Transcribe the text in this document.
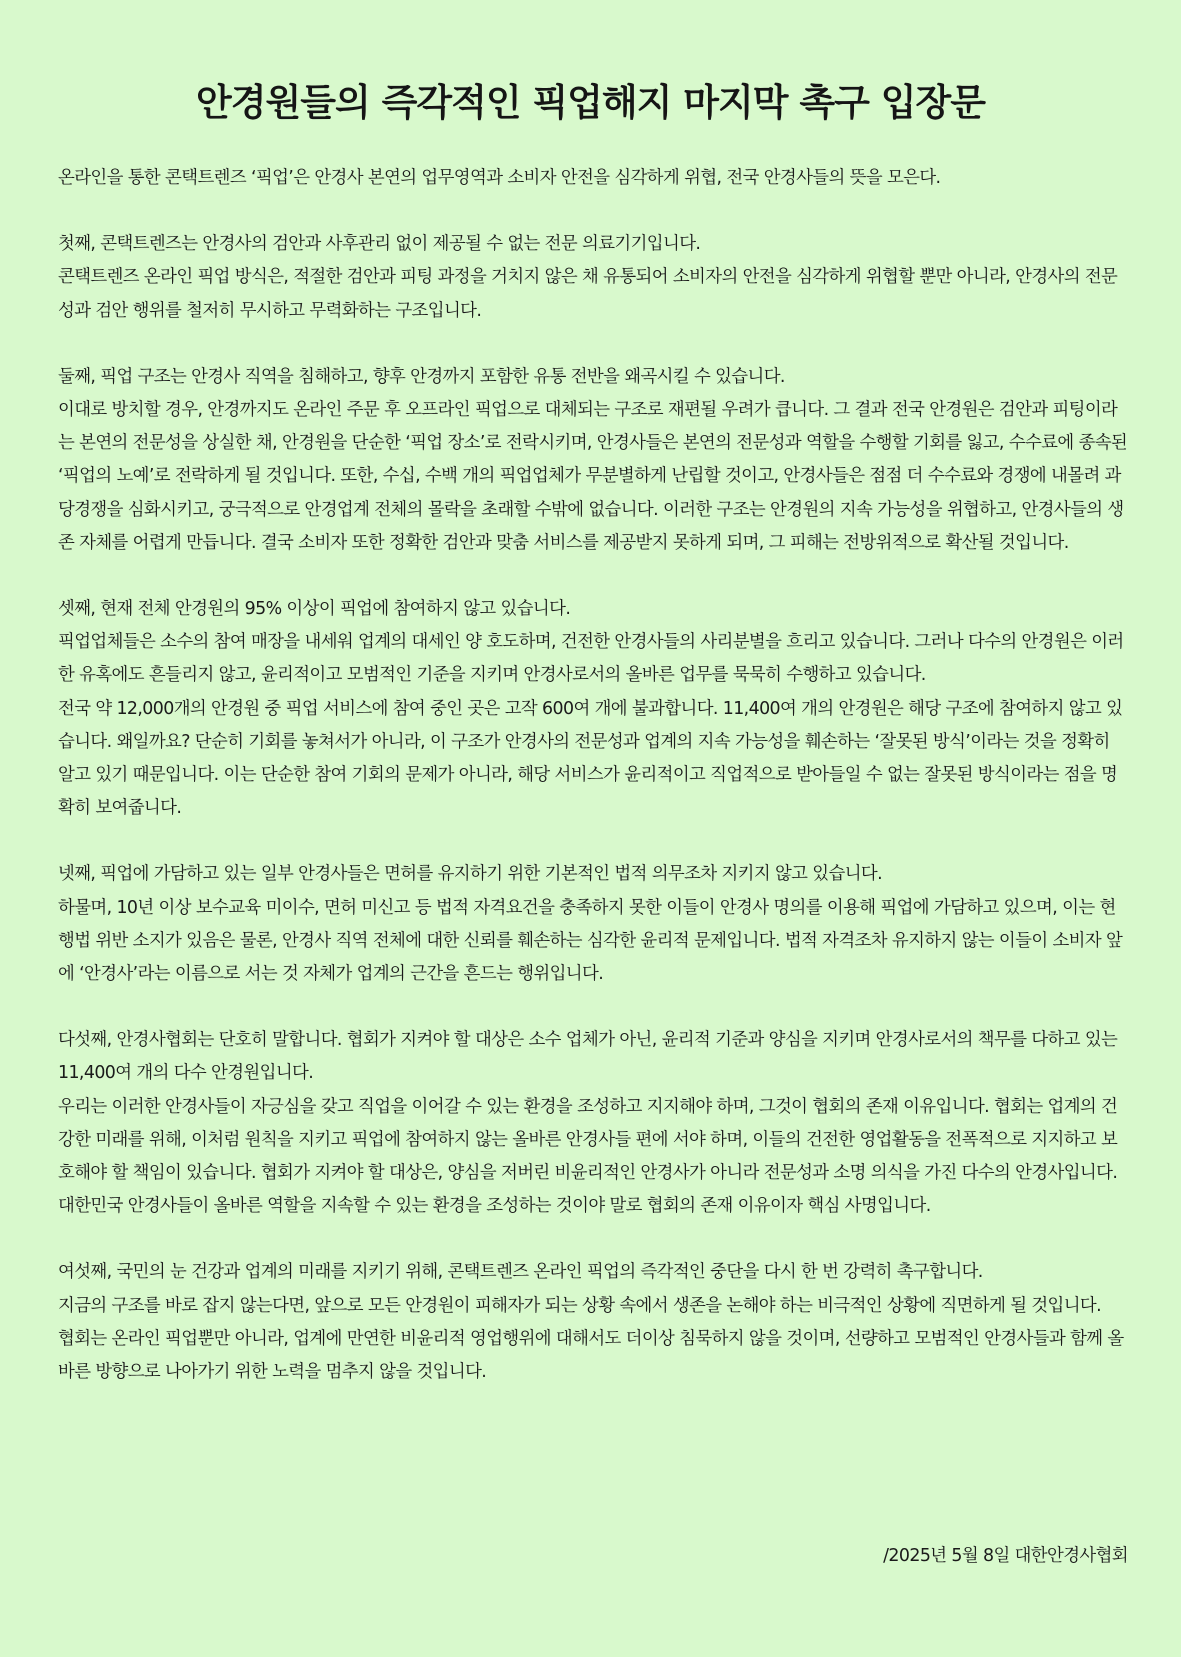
안경원들의 즉각적인 픽업해지 마지막 촉구 입장문

온라인을 통한 콘택트렌즈 ‘픽업’은 안경사 본연의 업무영역과 소비자 안전을 심각하게 위협, 전국 안경사들의 뜻을 모은다.

첫째, 콘택트렌즈는 안경사의 검안과 사후관리 없이 제공될 수 없는 전문 의료기기입니다.

콘택트렌즈 온라인 픽업 방식은, 적절한 검안과 피팅 과정을 거치지 않은 채 유통되어 소비자의 안전을 심각하게 위협할 뿐만 아니라, 안경사의 전문성과 검안 행위를 철저히 무시하고 무력화하는 구조입니다.

둘째, 픽업 구조는 안경사 직역을 침해하고, 향후 안경까지 포함한 유통 전반을 왜곡시킬 수 있습니다.

이대로 방치할 경우, 안경까지도 온라인 주문 후 오프라인 픽업으로 대체되는 구조로 재편될 우려가 큽니다. 그 결과 전국 안경원은 검안과 피팅이라는 본연의 전문성을 상실한 채, 안경원을 단순한 ‘픽업 장소’로 전락시키며, 안경사들은 본연의 전문성과 역할을 수행할 기회를 잃고, 수수료에 종속된 ‘픽업의 노예’로 전락하게 될 것입니다. 또한, 수십, 수백 개의 픽업업체가 무분별하게 난립할 것이고, 안경사들은 점점 더 수수료와 경쟁에 내몰려 과당경쟁을 심화시키고, 궁극적으로 안경업계 전체의 몰락을 초래할 수밖에 없습니다. 이러한 구조는 안경원의 지속 가능성을 위협하고, 안경사들의 생존 자체를 어렵게 만듭니다. 결국 소비자 또한 정확한 검안과 맞춤 서비스를 제공받지 못하게 되며, 그 피해는 전방위적으로 확산될 것입니다.

셋째, 현재 전체 안경원의 95% 이상이 픽업에 참여하지 않고 있습니다.

픽업업체들은 소수의 참여 매장을 내세워 업계의 대세인 양 호도하며, 건전한 안경사들의 사리분별을 흐리고 있습니다. 그러나 다수의 안경원은 이러한 유혹에도 흔들리지 않고, 윤리적이고 모범적인 기준을 지키며 안경사로서의 올바른 업무를 묵묵히 수행하고 있습니다.

전국 약 12,000개의 안경원 중 픽업 서비스에 참여 중인 곳은 고작 600여 개에 불과합니다. 11,400여 개의 안경원은 해당 구조에 참여하지 않고 있습니다. 왜일까요? 단순히 기회를 놓쳐서가 아니라, 이 구조가 안경사의 전문성과 업계의 지속 가능성을 훼손하는 ‘잘못된 방식’이라는 것을 정확히 알고 있기 때문입니다. 이는 단순한 참여 기회의 문제가 아니라, 해당 서비스가 윤리적이고 직업적으로 받아들일 수 없는 잘못된 방식이라는 점을 명확히 보여줍니다.

넷째, 픽업에 가담하고 있는 일부 안경사들은 면허를 유지하기 위한 기본적인 법적 의무조차 지키지 않고 있습니다.

하물며, 10년 이상 보수교육 미이수, 면허 미신고 등 법적 자격요건을 충족하지 못한 이들이 안경사 명의를 이용해 픽업에 가담하고 있으며, 이는 현행법 위반 소지가 있음은 물론, 안경사 직역 전체에 대한 신뢰를 훼손하는 심각한 윤리적 문제입니다. 법적 자격조차 유지하지 않는 이들이 소비자 앞에 ‘안경사’라는 이름으로 서는 것 자체가 업계의 근간을 흔드는 행위입니다.

다섯째, 안경사협회는 단호히 말합니다. 협회가 지켜야 할 대상은 소수 업체가 아닌, 윤리적 기준과 양심을 지키며 안경사로서의 책무를 다하고 있는 11,400여 개의 다수 안경원입니다.

우리는 이러한 안경사들이 자긍심을 갖고 직업을 이어갈 수 있는 환경을 조성하고 지지해야 하며, 그것이 협회의 존재 이유입니다. 협회는 업계의 건강한 미래를 위해, 이처럼 원칙을 지키고 픽업에 참여하지 않는 올바른 안경사들 편에 서야 하며, 이들의 건전한 영업활동을 전폭적으로 지지하고 보호해야 할 책임이 있습니다. 협회가 지켜야 할 대상은, 양심을 저버린 비윤리적인 안경사가 아니라 전문성과 소명 의식을 가진 다수의 안경사입니다. 대한민국 안경사들이 올바른 역할을 지속할 수 있는 환경을 조성하는 것이야 말로 협회의 존재 이유이자 핵심 사명입니다.

여섯째, 국민의 눈 건강과 업계의 미래를 지키기 위해, 콘택트렌즈 온라인 픽업의 즉각적인 중단을 다시 한 번 강력히 촉구합니다.

지금의 구조를 바로 잡지 않는다면, 앞으로 모든 안경원이 피해자가 되는 상황 속에서 생존을 논해야 하는 비극적인 상황에 직면하게 될 것입니다.

협회는 온라인 픽업뿐만 아니라, 업계에 만연한 비윤리적 영업행위에 대해서도 더이상 침묵하지 않을 것이며, 선량하고 모범적인 안경사들과 함께 올바른 방향으로 나아가기 위한 노력을 멈추지 않을 것입니다.

/2025년 5월 8일 대한안경사협회
